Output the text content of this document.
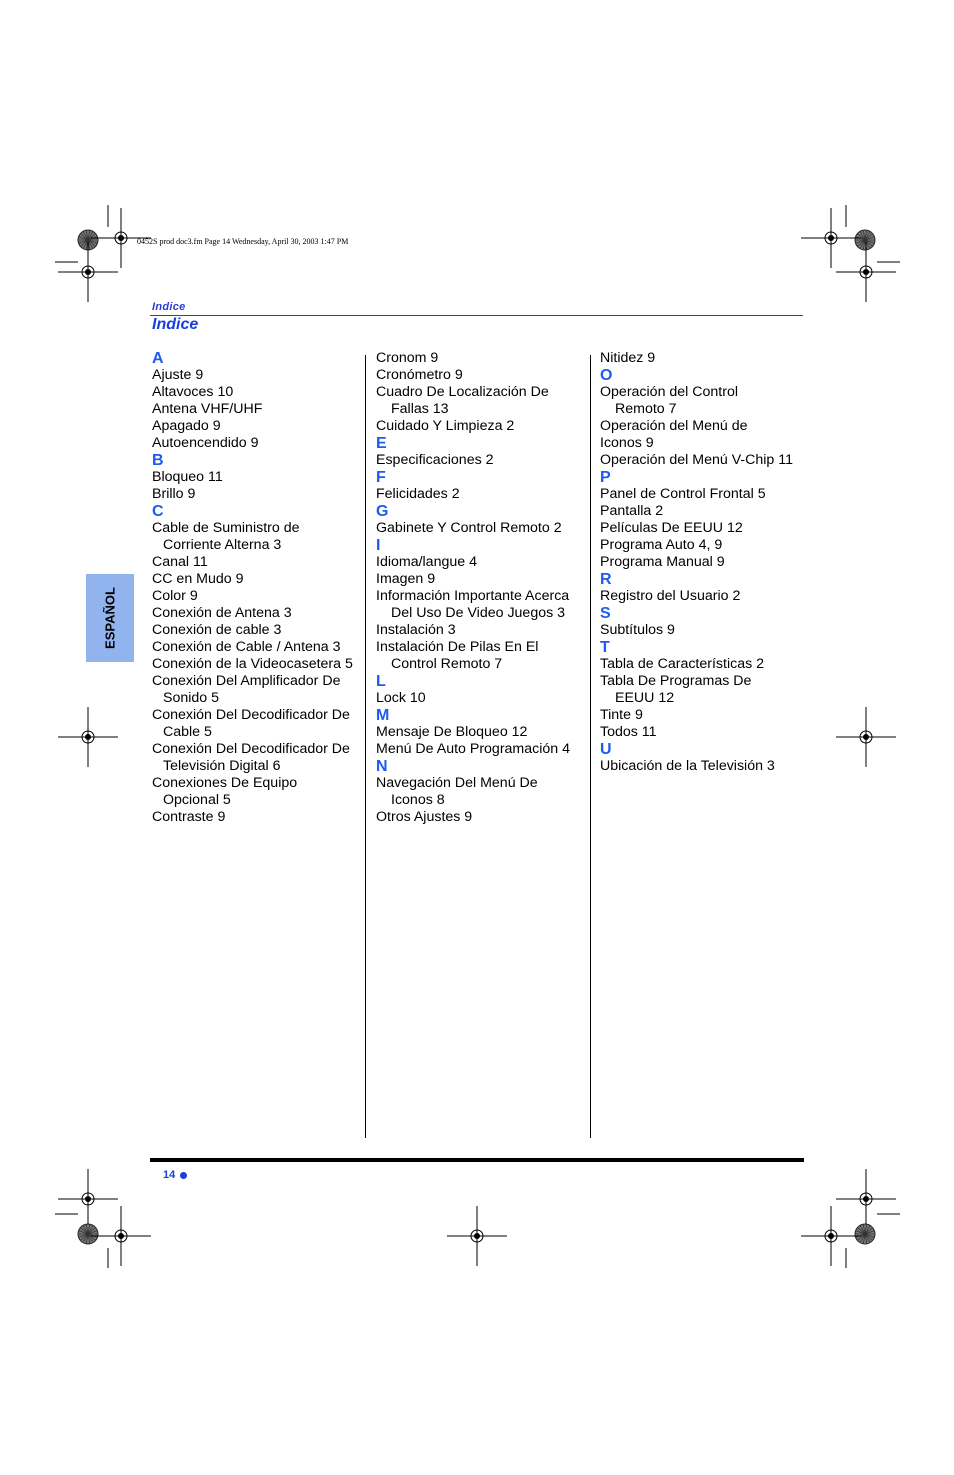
0452S prod doc3.fm Page 14 Wednesday, April 30, 2003 1:47 PM
Indice
Indice
ESPAÑOL
A
Ajuste 9
Altavoces 10
Antena VHF/UHF
Apagado 9
Autoencendido 9
B
Bloqueo 11
Brillo 9
C
Cable de Suministro de
Corriente Alterna 3
Canal 11
CC en Mudo 9
Color 9
Conexión de Antena 3
Conexión de cable 3
Conexión de Cable / Antena 3
Conexión de la Videocasetera 5
Conexión Del Amplificador De
Sonido 5
Conexión Del Decodificador De
Cable 5
Conexión Del Decodificador De
Televisión Digital 6
Conexiones De Equipo
Opcional 5
Contraste 9
Cronom 9
Cronómetro 9
Cuadro De Localización De
Fallas 13
Cuidado Y Limpieza 2
E
Especificaciones 2
F
Felicidades 2
G
Gabinete Y Control Remoto 2
I
Idioma/langue 4
Imagen 9
Información Importante Acerca
Del Uso De Video Juegos 3
Instalación 3
Instalación De Pilas En El
Control Remoto 7
L
Lock 10
M
Mensaje De Bloqueo 12
Menú De Auto Programación 4
N
Navegación Del Menú De
Iconos 8
Otros Ajustes 9
Nitidez 9
O
Operación del Control
Remoto 7
Operación del Menú de
Iconos 9
Operación del Menú V-Chip 11
P
Panel de Control Frontal 5
Pantalla 2
Películas De EEUU 12
Programa Auto 4, 9
Programa Manual 9
R
Registro del Usuario 2
S
Subtítulos 9
T
Tabla de Características 2
Tabla De Programas De
EEUU 12
Tinte 9
Todos 11
U
Ubicación de la Televisión 3
14
